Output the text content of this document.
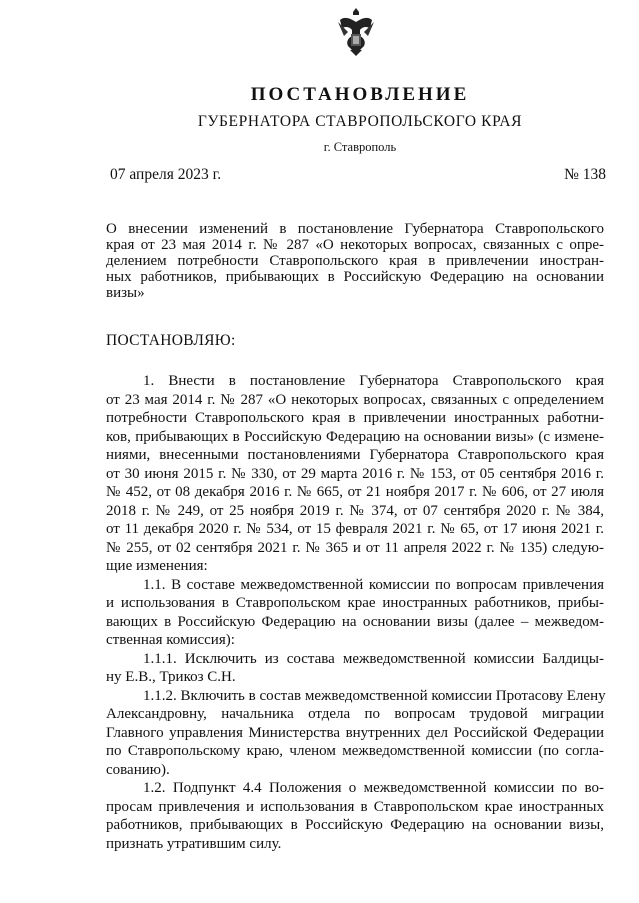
ПОСТАНОВЛЕНИЕ
ГУБЕРНАТОРА СТАВРОПОЛЬСКОГО КРАЯ
г. Ставрополь
07 апреля 2023 г.	№ 138
О внесении изменений в постановление Губернатора Ставропольского
края от 23 мая 2014 г. № 287 «О некоторых вопросах, связанных с опре-
делением потребности Ставропольского края в привлечении иностран-
ных работников, прибывающих в Российскую Федерацию на основании
визы»
ПОСТАНОВЛЯЮ:
1. Внести в постановление Губернатора Ставропольского края
от 23 мая 2014 г. № 287 «О некоторых вопросах, связанных с определением
потребности Ставропольского края в привлечении иностранных работни-
ков, прибывающих в Российскую Федерацию на основании визы» (с измене-
ниями, внесенными постановлениями Губернатора Ставропольского края
от 30 июня 2015 г. № 330, от 29 марта 2016 г. № 153, от 05 сентября 2016 г.
№ 452, от 08 декабря 2016 г. № 665, от 21 ноября 2017 г. № 606, от 27 июля
2018 г. № 249, от 25 ноября 2019 г. № 374, от 07 сентября 2020 г. № 384,
от 11 декабря 2020 г. № 534, от 15 февраля 2021 г. № 65, от 17 июня 2021 г.
№ 255, от 02 сентября 2021 г. № 365 и от 11 апреля 2022 г. № 135) следую-
щие изменения:
1.1. В составе межведомственной комиссии по вопросам привлечения
и использования в Ставропольском крае иностранных работников, прибы-
вающих в Российскую Федерацию на основании визы (далее – межведом-
ственная комиссия):
1.1.1. Исключить из состава межведомственной комиссии Балдицы-
ну Е.В., Трикоз С.Н.
1.1.2. Включить в состав межведомственной комиссии Протасову Елену
Александровну, начальника отдела по вопросам трудовой миграции
Главного управления Министерства внутренних дел Российской Федерации
по Ставропольскому краю, членом межведомственной комиссии (по согла-
сованию).
1.2. Подпункт 4.4 Положения о межведомственной комиссии по во-
просам привлечения и использования в Ставропольском крае иностранных
работников, прибывающих в Российскую Федерацию на основании визы,
признать утратившим силу.
